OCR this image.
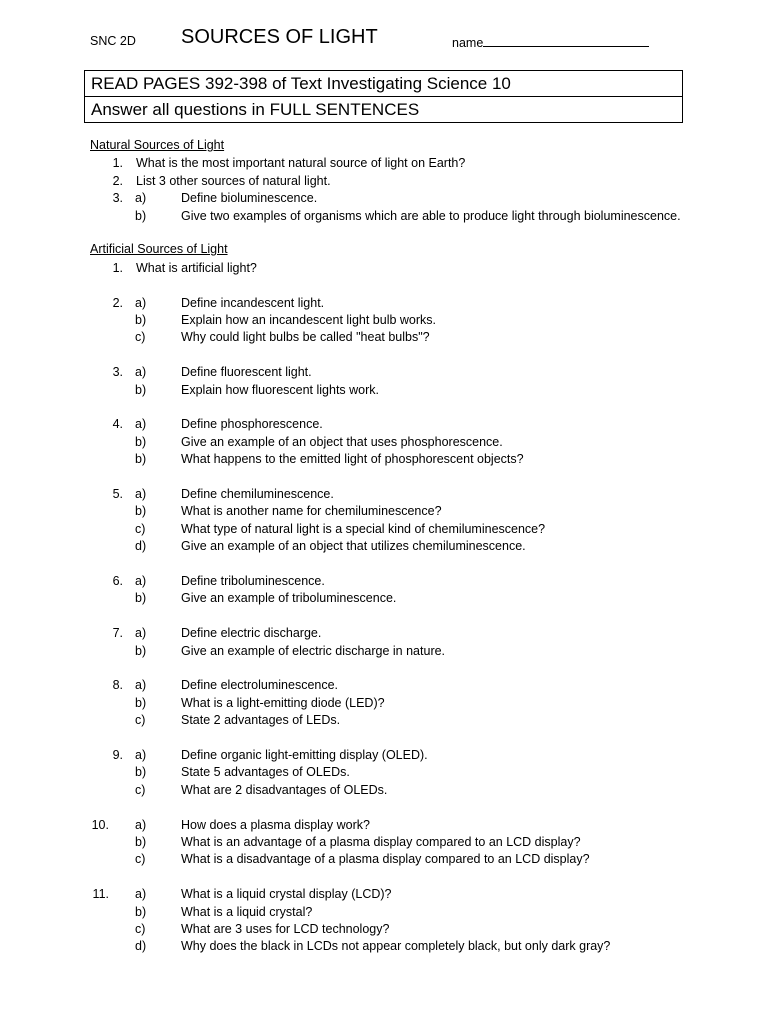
SNC 2D SOURCES OF LIGHT	name
READ PAGES 392-398 of Text Investigating Science 10
Answer all questions in FULL SENTENCES
Natural Sources of Light
1. What is the most important natural source of light on Earth?
2. List 3 other sources of natural light.
3. a)	Define bioluminescence.
b)	Give two examples of organisms which are able to produce light through bioluminescence.
Artificial Sources of Light
1. What is artificial light?
2. a)	Define incandescent light.
b)	Explain how an incandescent light bulb works.
c)	Why could light bulbs be called "heat bulbs"?
3. a)	Define fluorescent light.
b)	Explain how fluorescent lights work.
4. a)	Define phosphorescence.
b)	Give an example of an object that uses phosphorescence.
b)	What happens to the emitted light of phosphorescent objects?
5. a)	Define chemiluminescence.
b)	What is another name for chemiluminescence?
c)	What type of natural light is a special kind of chemiluminescence?
d)	Give an example of an object that utilizes chemiluminescence.
6. a)	Define triboluminescence.
b)	Give an example of triboluminescence.
7. a)	Define electric discharge.
b)	Give an example of electric discharge in nature.
8. a)	Define electroluminescence.
b)	What is a light-emitting diode (LED)?
c)	State 2 advantages of LEDs.
9. a)	Define organic light-emitting display (OLED).
b)	State 5 advantages of OLEDs.
c)	What are 2 disadvantages of OLEDs.
10. a)	How does a plasma display work?
b)	What is an advantage of a plasma display compared to an LCD display?
c)	What is a disadvantage of a plasma display compared to an LCD display?
11. a)	What is a liquid crystal display (LCD)?
b)	What is a liquid crystal?
c)	What are 3 uses for LCD technology?
d)	Why does the black in LCDs not appear completely black, but only dark gray?
